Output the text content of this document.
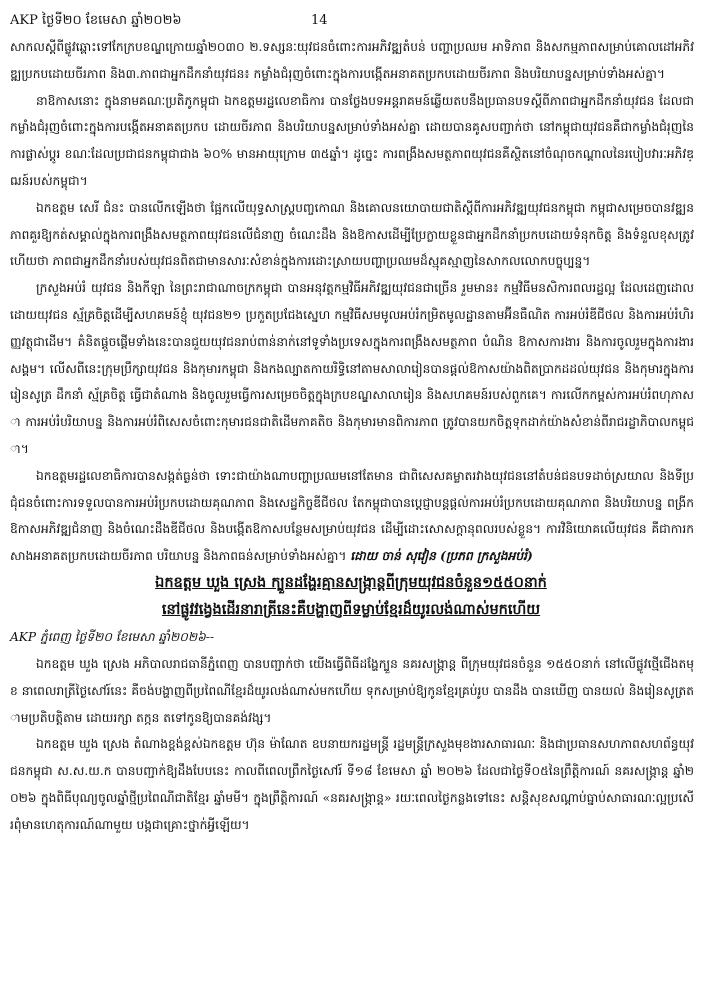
AKP ថ្ងៃទី២០ ខែមេសា ឆ្នាំ២០២៦	14

សាកលស្តីពីផ្លូវឆ្ពោះទៅកែក្របខណ្ឌក្រោយឆ្នាំ២០៣០ ២.ទស្សនៈយុវជនចំពោះការអភិវឌ្ឍតំបន់ បញ្ហាប្រឈម អាទិភាព និងសកម្មភាពសម្រាប់គោលដៅអភិវឌ្ឍប្រកបដោយចីរភាព និង៣.ភាពជាអ្នកដឹកនាំយុវជន៖ កម្លាំងជំរុញចំពោះក្នុងការបង្កើតអនាគតប្រកបដោយចីរភាព និងបរិយាបន្នសម្រាប់ទាំងអស់គ្នា។

នាឱកាសនោះ ក្នុងនាមគណៈប្រតិភូកម្ពុជា ឯកឧត្តមរដ្ឋលេខាធិការ បានថ្លែងបទអន្តរាគមន៍ឆ្លើយតបនឹងប្រធានបទស្តីពីភាពជាអ្នកដឹកនាំយុវជន ដែលជាកម្លាំងជំរុញចំពោះក្នុងការបង្កើតអនាគតប្រកប ដោយចីរភាព និងបរិយាបន្នសម្រាប់ទាំងអស់គ្នា ដោយបានគូសបញ្ជាក់ថា នៅកម្ពុជាយុវជនគឺជាកម្លាំងជំរុញនៃការផ្លាស់ប្តូរ ខណៈដែលប្រជាជនកម្ពុជាជាង ៦០% មានអាយុក្រោម ៣៥ឆ្នាំ។ ដូច្នេះ ការពង្រឹងសមត្ថភាពយុវជនគឺស្ថិតនៅចំណុចកណ្តាលនៃរបៀបវារៈអភិវឌ្ឍន៍របស់កម្ពុជា។

ឯកឧត្តម សេរី ជំនះ បានលើកឡើងថា ផ្អែកលើយុទ្ធសាស្ត្របញ្ចកោណ និងគោលនយោបាយជាតិស្តីពីការអភិវឌ្ឍយុវជនកម្ពុជា កម្ពុជាសម្រេចបានវឌ្ឍនភាពគួរឱ្យកត់សម្គាល់ក្នុងការពង្រឹងសមត្ថភាពយុវជនលើជំនាញ ចំណេះដឹង និងឱកាសដើម្បីប្រែក្លាយខ្លួនជាអ្នកដឹកនាំប្រកបដោយទំនុកចិត្ត និងទំនួលខុសត្រូវ ហើយថា ភាពជាអ្នកដឹកនាំរបស់យុវជនពិតជាមានសារៈសំខាន់ក្នុងការដោះស្រាយបញ្ហាប្រឈមដ៏ស្មុគស្មាញនៃសាកលលោកបច្ចុប្បន្ន។

ក្រសួងអប់រំ យុវជន និងកីឡា នៃព្រះរាជាណាចក្រកម្ពុជា បានអនុវត្តកម្មវិធីអភិវឌ្ឍយុវជនជាច្រើន រួមមាន៖ កម្មវិធីមនសិការពលរដ្ឋល្អ ដែលដេញដោលដោយយុវជន ស្ម័គ្រចិត្តដើម្បីសហគមន៍ខ្ញុំ យុវជន២១ ប្រកួតប្រជែងស្នេហ កម្មវិធីសមមូលអប់រំកម្រិតមូលដ្ឋានតាមអ៊ីនធឺណិត ការអប់រំឌីជីថល និងការអប់រំហិរញ្ញវត្ថុជាដើម។ គំនិតផ្តួចផ្តើមទាំងនេះបានជួយយុវជនរាប់ពាន់នាក់នៅទូទាំងប្រទេសក្នុងការពង្រឹងសមត្ថភាព បំណិន ឱកាសការងារ និងការចូលរួមក្នុងការងារសង្គម។ លើសពីនេះក្រុមប្រឹក្សាយុវជន និងកុមារកម្ពុជា និងកងល្បាតកាយរិទ្ធិនៅតាមសាលារៀនបានផ្តល់ឱកាសយ៉ាងពិតប្រាកដដល់យុវជន និងកុមារក្នុងការរៀនសូត្រ ដឹកនាំ ស្ម័គ្រចិត្ត ធ្វើជាតំណាង និងចូលរួមធ្វើការសម្រេចចិត្តក្នុងក្របខណ្ឌសាលារៀន និងសហគមន៍របស់ពួកគេ។ ការលើកកម្ពស់ការអប់រំពហុភាសា ការអប់រំបរិយាបន្ន និងការអប់រំពិសេសចំពោះកុមារជនជាតិដើមភាគតិច និងកុមារមានពិការភាព ត្រូវបានយកចិត្តទុកដាក់យ៉ាងសំខាន់ពីរាជរដ្ឋាភិបាលកម្ពុជា។

ឯកឧត្តមរដ្ឋលេខាធិការបានសង្កត់ធ្ងន់ថា ទោះជាយ៉ាងណាបញ្ហាប្រឈមនៅតែមាន ជាពិសេសគម្លាតរវាងយុវជននៅតំបន់ជនបទដាច់ស្រយាល និងទីប្រជុំជនចំពោះការទទួលបានការអប់រំប្រកបដោយគុណភាព និងសេដ្ឋកិច្ចឌីជីថល តែកម្ពុជាបានប្តេជ្ញាបន្តផ្តល់ការអប់រំប្រកបដោយគុណភាព និងបរិយាបន្ន ពង្រីកឱកាសអភិវឌ្ឍជំនាញ និងចំណេះដឹងឌីជីថល និងបង្កើតឱកាសបន្ថែមសម្រាប់យុវជន ដើម្បីដោះសោសក្តានុពលរបស់ខ្លួន។ ការវិនិយោគលើយុវជន គឺជាការកសាងអនាគតប្រកបដោយចីរភាព បរិយាបន្ន និងភាពធន់សម្រាប់ទាំងអស់គ្នា។ ដោយ ចាន់ សុវៀន (ប្រភព ក្រសួងអប់រំ)

ឯកឧត្តម ឃួង ស្រេង ក្បួនដង្ហែរគ្មានសង្ក្រាន្តពីក្រុមយុវជនចំនួន១៥៥០នាក់
នៅផ្លូវវង្វេងដើរនារាត្រីនេះគឺបង្ហាញពីទម្លាប់ខ្មែរដ៏យូរលង់ណាស់មកហើយ

AKP ភ្នំពេញ ថ្ងៃទី២០ ខែមេសា ឆ្នាំ២០២៦--

ឯកឧត្តម ឃួង ស្រេង អភិបាលរាជធានីភ្នំពេញ បានបញ្ជាក់ថា យើងធ្វើពិធីដង្ហែក្បួន នគរសង្ក្រាន្ត ពីក្រុមយុវជនចំនួន ១៥៥០នាក់ នៅលើផ្លូវថ្មើជើងតមុខ នាពេលរាត្រីថ្ងៃសៅរ៍នេះ គឺចង់បង្ហាញពីប្រពៃណីខ្មែរដ៏យូរលង់ណាស់មកហើយ ទុកសម្រាប់ឱ្យកូនខ្មែរគ្រប់រូប បានដឹង បានឃើញ បានយល់ និងរៀនសូត្រតាមប្រតិបត្តិតាម ដោយរក្សា តក្កន តទៅកូនឱ្យបានគង់វង្ស។

ឯកឧត្តម ឃួង ស្រេង តំណាងខ្ពង់ខ្ពស់ឯកឧត្តម ហ៊ុន ម៉ាណែត ឧបនាយករដ្ឋមន្ត្រី រដ្ឋមន្ត្រីក្រសួងមុខងារសាធារណៈ និងជាប្រធានសហភាពសហព័ន្ធយុវជនកម្ពុជា ស.ស.យ.ក បានបញ្ជាក់ឱ្យដឹងបែបនេះ កាលពីពេលព្រឹកថ្ងៃសៅរ៍ ទី១៨ ខែមេសា ឆ្នាំ ២០២៦ ដែលជាថ្ងៃទី០៥នៃព្រឹត្តិការណ៍ នគរសង្ក្រាន្ត ឆ្នាំ២០២៦ ក្នុងពិធីបុណ្យចូលឆ្នាំថ្មីប្រពៃណីជាតិខ្មែរ ឆ្នាំមមី។ ក្នុងព្រឹត្តិការណ៍ «នគរសង្ក្រាន្ត» រយៈពេលថ្ងៃកន្លងទៅនេះ សន្តិសុខសណ្តាប់ធ្នាប់សាធារណៈល្អប្រសើរពុំមានហេតុការណ៍ណាមួយ បង្កជាគ្រោះថ្នាក់អ្វីឡើយ។
